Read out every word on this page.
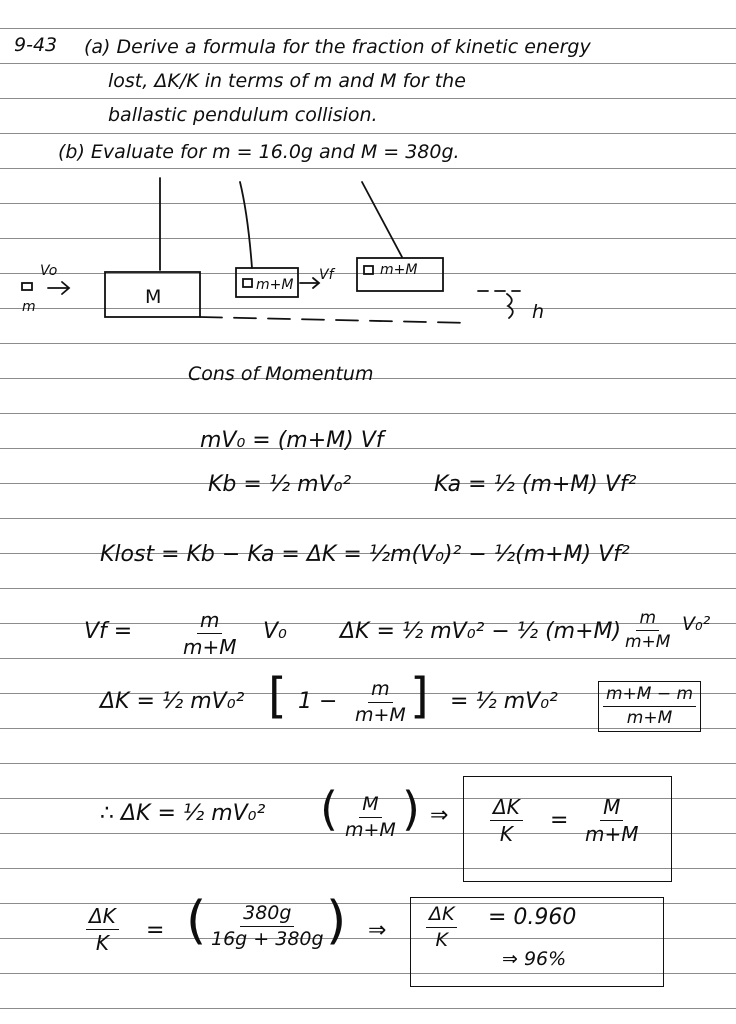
9-43 (a) Derive a formula for the fraction of kinetic energy
lost, ΔK/K in terms of m and M for the
ballastic pendulum collision.
(b) Evaluate for m = 16.0g and M = 380g.
Vo
m	M
m+M
Vf	m+M
h
Cons of Momentum
mV₀ = (m+M) Vf
Kb = ½ mV₀²	Ka = ½ (m+M) Vf²
Klost = Kb − Ka = ΔK = ½m(V₀)² − ½(m+M) Vf²
$Vf = \frac{m}{m+M} V_0$ ΔK = ½ mV₀² − ½ $(m+M) \frac{m}{m+M} V_0^2$
ΔK = ½ mV₀² [ $1 - \frac{m}{m+M}$ ] = ½ $mV_0^2 \frac{m+M - m}{m+M}$
∴ ΔK = ½ mV₀² ( $\frac{M}{m+M}$ ) ⇒ $\frac{\Delta K}{K} = \frac{M}{m+M}$
$\frac{\Delta K}{K}$ = ( $\frac{380g}{16g + 380g}$ ) ⇒ $\frac{\Delta K}{K} = 0.960$
⇒ 96%
